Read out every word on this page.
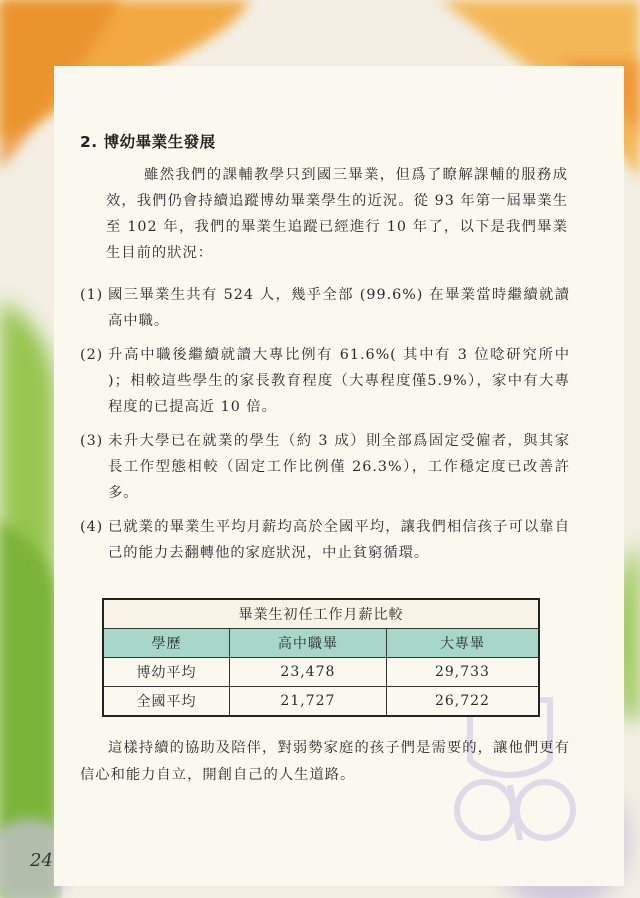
2. 博幼畢業生發展
雖然我們的課輔教學只到國三畢業，但爲了瞭解課輔的服務成效，我們仍會持續追蹤博幼畢業學生的近況。從 93 年第一屆畢業生至 102 年，我們的畢業生追蹤已經進行 10 年了，以下是我們畢業生目前的狀況：
(1) 國三畢業生共有 524 人，幾乎全部 (99.6%) 在畢業當時繼續就讀高中職。
(2) 升高中職後繼續就讀大專比例有 61.6%( 其中有 3 位唸研究所中 )；相較這些學生的家長教育程度（大專程度僅5.9%），家中有大專程度的已提高近 10 倍。
(3) 未升大學已在就業的學生（約 3 成）則全部爲固定受僱者，與其家長工作型態相較（固定工作比例僅 26.3%），工作穩定度已改善許多。
(4) 已就業的畢業生平均月薪均高於全國平均，讓我們相信孩子可以靠自己的能力去翻轉他的家庭狀況，中止貧窮循環。
畢業生初任工作月薪比較		
學歷	高中職畢	大專畢
博幼平均	23,478	29,733
全國平均	21,727	26,722
這樣持續的協助及陪伴，對弱勢家庭的孩子們是需要的，讓他們更有信心和能力自立，開創自己的人生道路。
24
